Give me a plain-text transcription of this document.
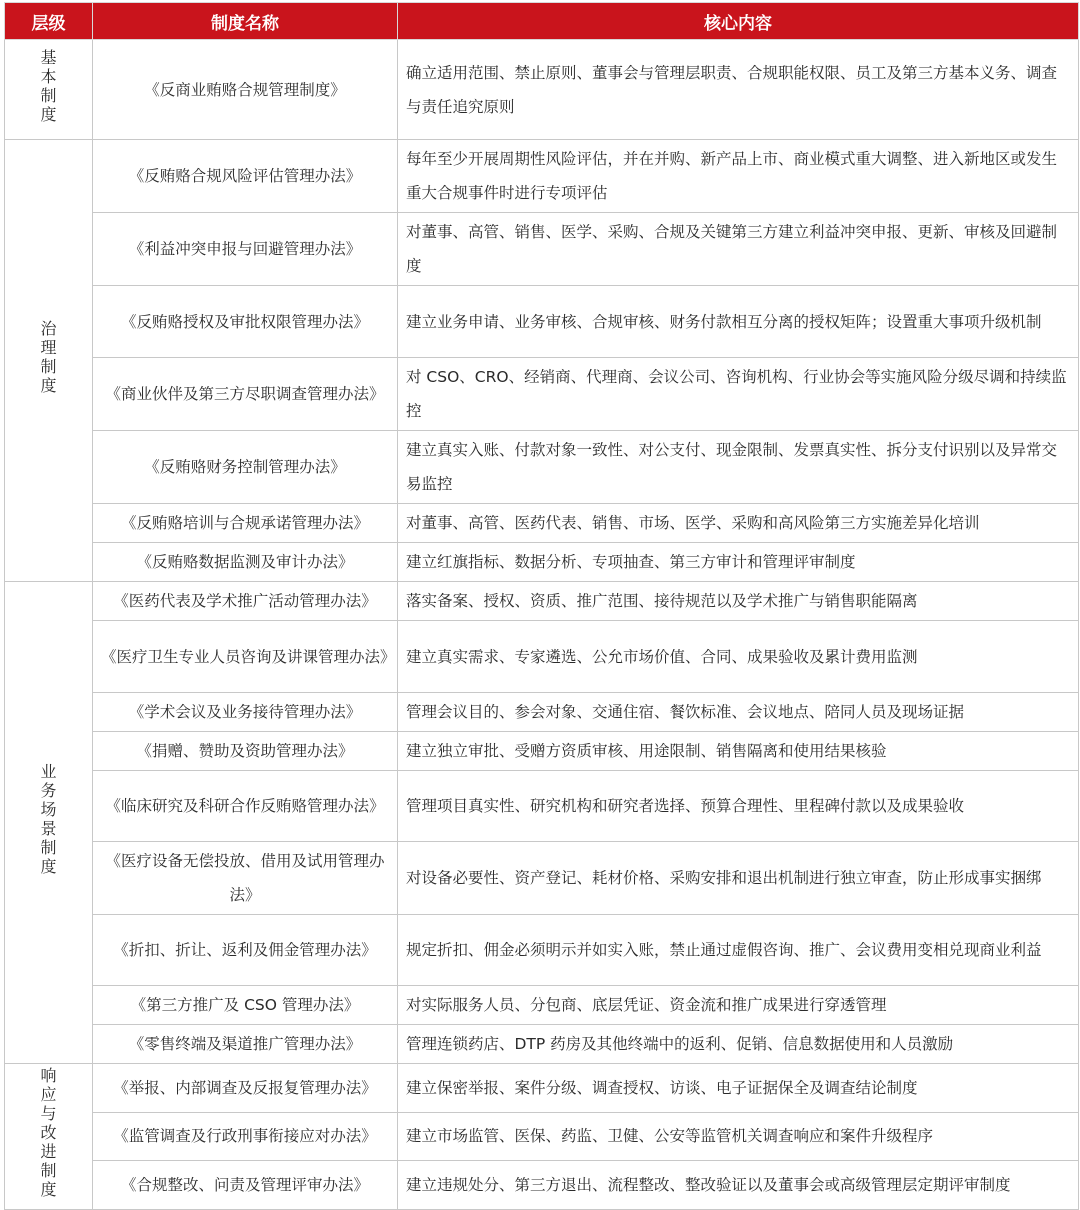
层级	制度名称	核心内容
基本制度	《反商业贿赂合规管理制度》	确立适用范围、禁止原则、董事会与管理层职责、合规职能权限、员工及第三方基本义务、调查与责任追究原则
治理制度	《反贿赂合规风险评估管理办法》	每年至少开展周期性风险评估，并在并购、新产品上市、商业模式重大调整、进入新地区或发生重大合规事件时进行专项评估
	《利益冲突申报与回避管理办法》	对董事、高管、销售、医学、采购、合规及关键第三方建立利益冲突申报、更新、审核及回避制度
	《反贿赂授权及审批权限管理办法》	建立业务申请、业务审核、合规审核、财务付款相互分离的授权矩阵；设置重大事项升级机制
	《商业伙伴及第三方尽职调查管理办法》	对 CSO、CRO、经销商、代理商、会议公司、咨询机构、行业协会等实施风险分级尽调和持续监控
	《反贿赂财务控制管理办法》	建立真实入账、付款对象一致性、对公支付、现金限制、发票真实性、拆分支付识别以及异常交易监控
	《反贿赂培训与合规承诺管理办法》	对董事、高管、医药代表、销售、市场、医学、采购和高风险第三方实施差异化培训
	《反贿赂数据监测及审计办法》	建立红旗指标、数据分析、专项抽查、第三方审计和管理评审制度
业务场景制度	《医药代表及学术推广活动管理办法》	落实备案、授权、资质、推广范围、接待规范以及学术推广与销售职能隔离
	《医疗卫生专业人员咨询及讲课管理办法》	建立真实需求、专家遴选、公允市场价值、合同、成果验收及累计费用监测
	《学术会议及业务接待管理办法》	管理会议目的、参会对象、交通住宿、餐饮标准、会议地点、陪同人员及现场证据
	《捐赠、赞助及资助管理办法》	建立独立审批、受赠方资质审核、用途限制、销售隔离和使用结果核验
	《临床研究及科研合作反贿赂管理办法》	管理项目真实性、研究机构和研究者选择、预算合理性、里程碑付款以及成果验收
	《医疗设备无偿投放、借用及试用管理办法》	对设备必要性、资产登记、耗材价格、采购安排和退出机制进行独立审查，防止形成事实捆绑
	《折扣、折让、返利及佣金管理办法》	规定折扣、佣金必须明示并如实入账，禁止通过虚假咨询、推广、会议费用变相兑现商业利益
	《第三方推广及 CSO 管理办法》	对实际服务人员、分包商、底层凭证、资金流和推广成果进行穿透管理
	《零售终端及渠道推广管理办法》	管理连锁药店、DTP 药房及其他终端中的返利、促销、信息数据使用和人员激励
响应与改进制度	《举报、内部调查及反报复管理办法》	建立保密举报、案件分级、调查授权、访谈、电子证据保全及调查结论制度
	《监管调查及行政刑事衔接应对办法》	建立市场监管、医保、药监、卫健、公安等监管机关调查响应和案件升级程序
	《合规整改、问责及管理评审办法》	建立违规处分、第三方退出、流程整改、整改验证以及董事会或高级管理层定期评审制度
